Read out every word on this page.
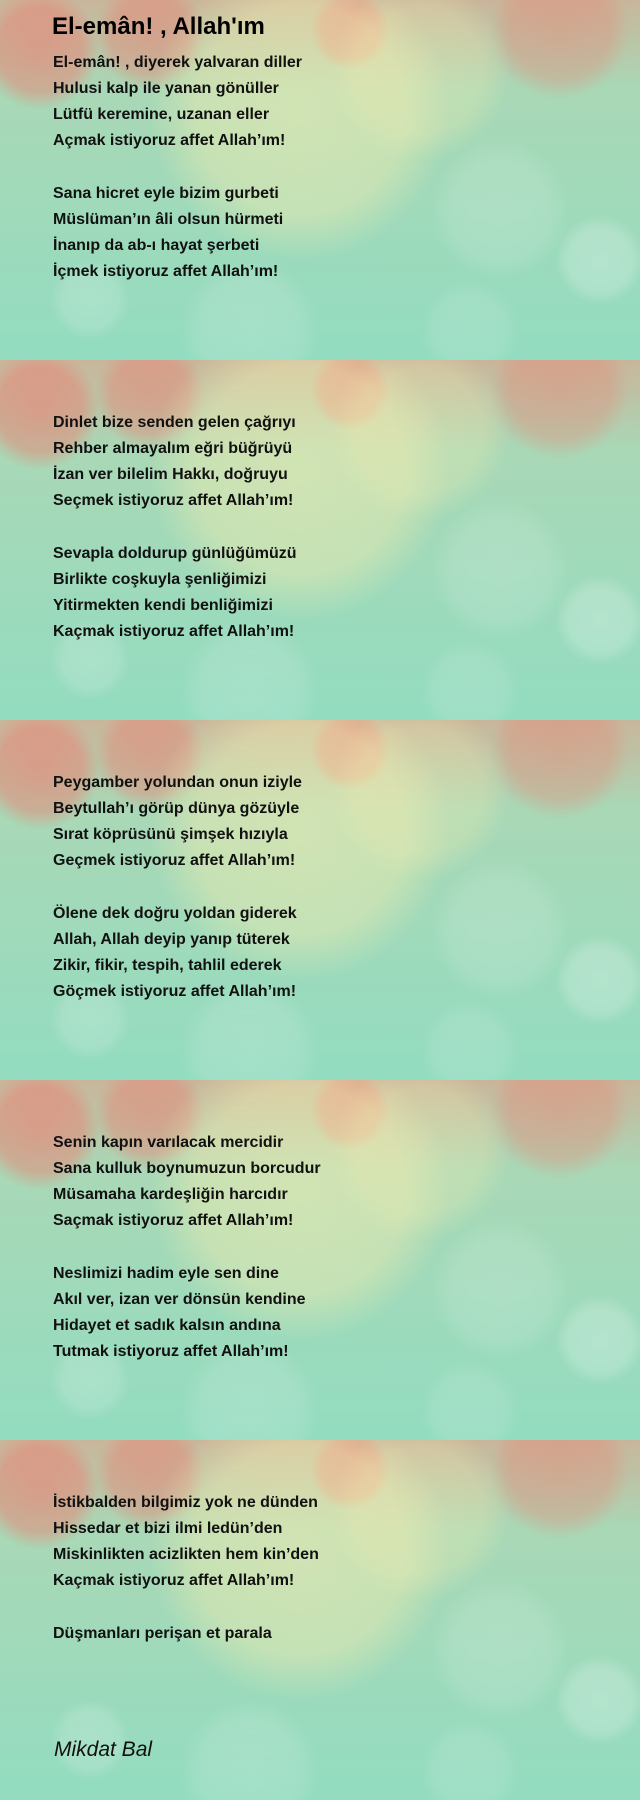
El-emân! , Allah'ım
El-emân! , diyerek yalvaran diller
Hulusi kalp ile yanan gönüller
Lütfü keremine, uzanan eller
Açmak istiyoruz affet Allah’ım!
Sana hicret eyle bizim gurbeti
Müslüman’ın âli olsun hürmeti
İnanıp da ab-ı hayat şerbeti
İçmek istiyoruz affet Allah’ım!
Dinlet bize senden gelen çağrıyı
Rehber almayalım eğri büğrüyü
İzan ver bilelim Hakkı, doğruyu
Seçmek istiyoruz affet Allah’ım!
Sevapla doldurup günlüğümüzü
Birlikte coşkuyla şenliğimizi
Yitirmekten kendi benliğimizi
Kaçmak istiyoruz affet Allah’ım!
Peygamber yolundan onun iziyle
Beytullah’ı görüp dünya gözüyle
Sırat köprüsünü şimşek hızıyla
Geçmek istiyoruz affet Allah’ım!
Ölene dek doğru yoldan giderek
Allah, Allah deyip yanıp tüterek
Zikir, fikir, tespih, tahlil ederek
Göçmek istiyoruz affet Allah’ım!
Senin kapın varılacak mercidir
Sana kulluk boynumuzun borcudur
Müsamaha kardeşliğin harcıdır
Saçmak istiyoruz affet Allah’ım!
Neslimizi hadim eyle sen dine
Akıl ver, izan ver dönsün kendine
Hidayet et sadık kalsın andına
Tutmak istiyoruz affet Allah’ım!
İstikbalden bilgimiz yok ne dünden
Hissedar et bizi ilmi ledün’den
Miskinlikten acizlikten hem kin’den
Kaçmak istiyoruz affet Allah’ım!
Düşmanları perişan et parala
Mikdat Bal
